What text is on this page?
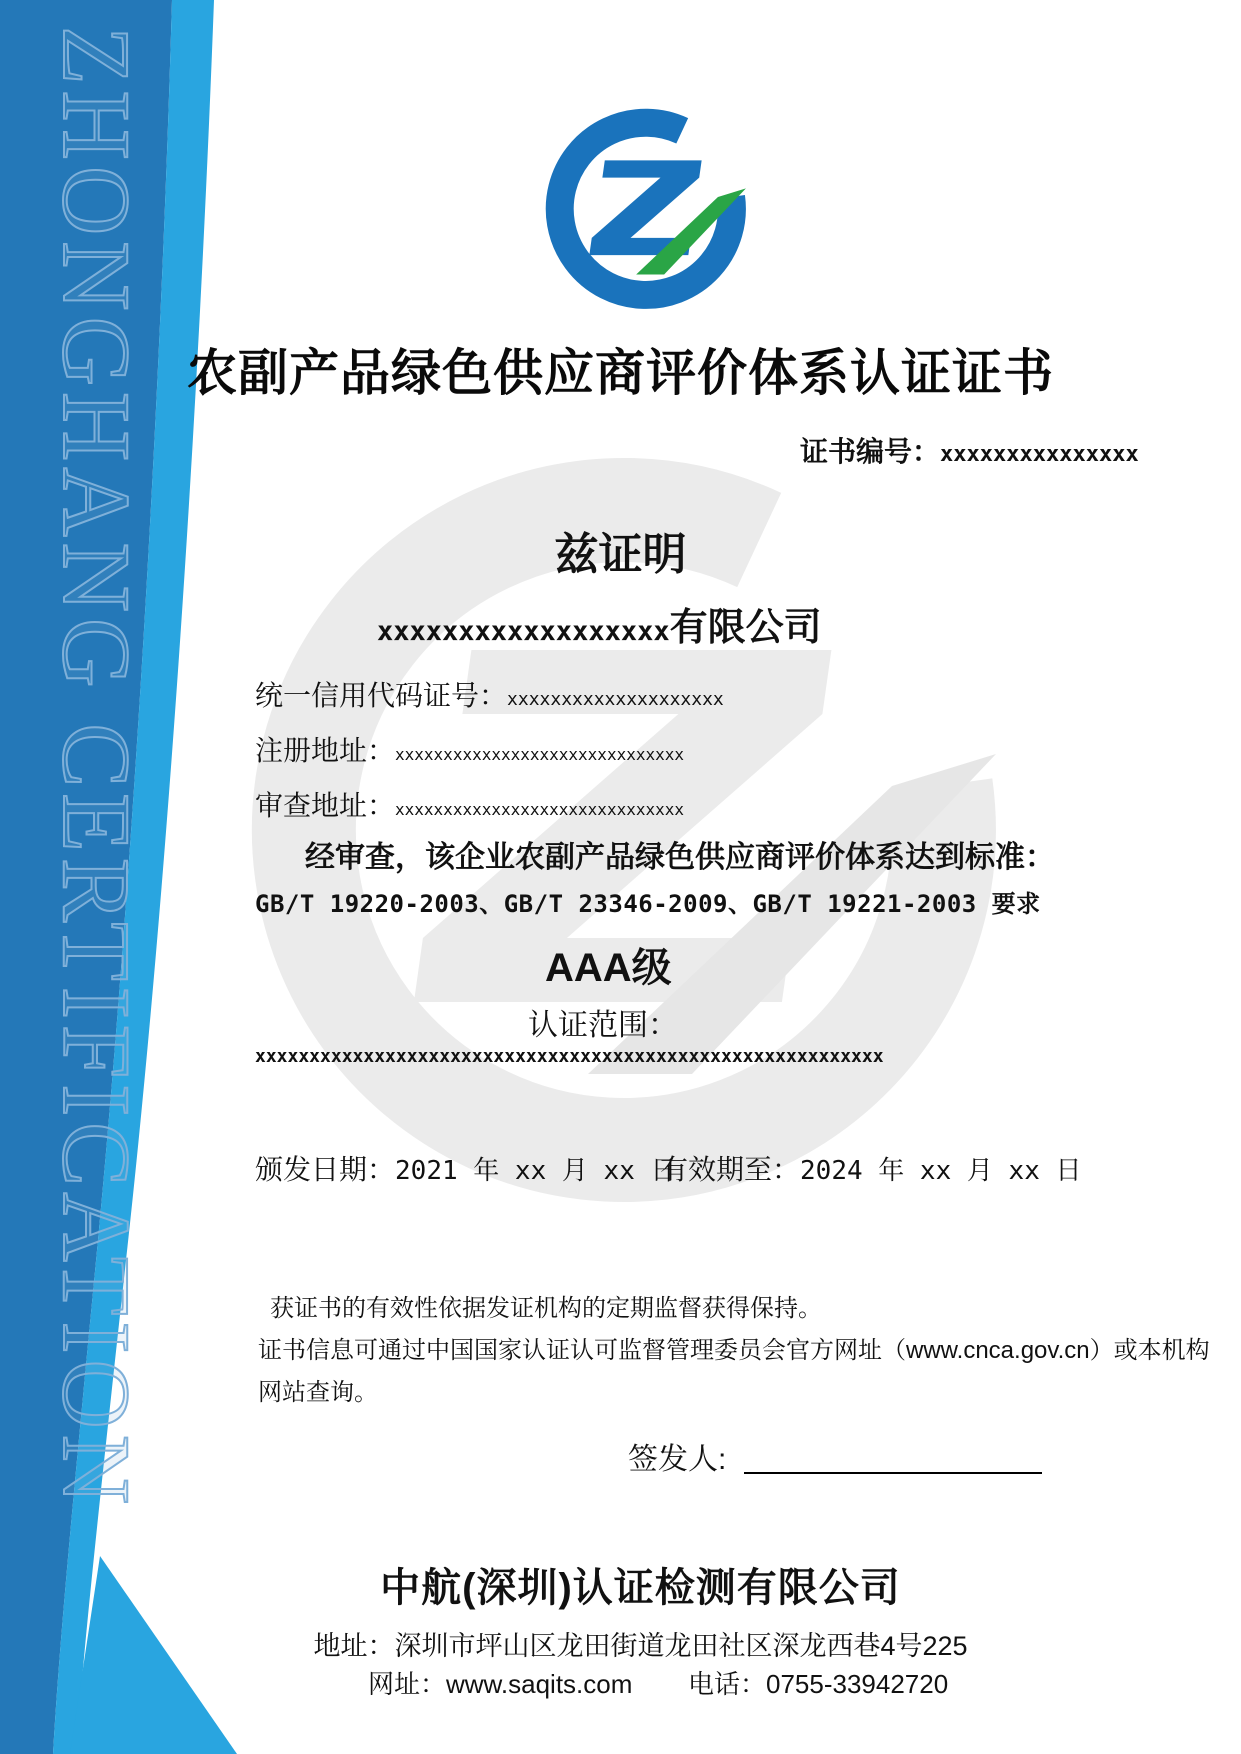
ZHONGHANG CERTIFICATION 农副产品绿色供应商评价体系认证证书
证书编号：xxxxxxxxxxxxxxx
兹证明
xxxxxxxxxxxxxxxxxx有限公司
统一信用代码证号：xxxxxxxxxxxxxxxxxxxx
注册地址：xxxxxxxxxxxxxxxxxxxxxxxxxxxxxx
审查地址：xxxxxxxxxxxxxxxxxxxxxxxxxxxxxx
经审查，该企业农副产品绿色供应商评价体系达到标准：
GB/T 19220-2003、GB/T 23346-2009、GB/T 19221-2003 要求
AAA级
认证范围：
xxxxxxxxxxxxxxxxxxxxxxxxxxxxxxxxxxxxxxxxxxxxxxxxxxxxxxxxxx
颁发日期：2021 年 xx 月 xx 日
有效期至：2024 年 xx 月 xx 日
获证书的有效性依据发证机构的定期监督获得保持。
证书信息可通过中国国家认证认可监督管理委员会官方网址（www.cnca.gov.cn）或本机构
网站查询。
签发人:
中航(深圳)认证检测有限公司
地址：深圳市坪山区龙田街道龙田社区深龙西巷4号225
网址：www.saqits.com 电话：0755-33942720
